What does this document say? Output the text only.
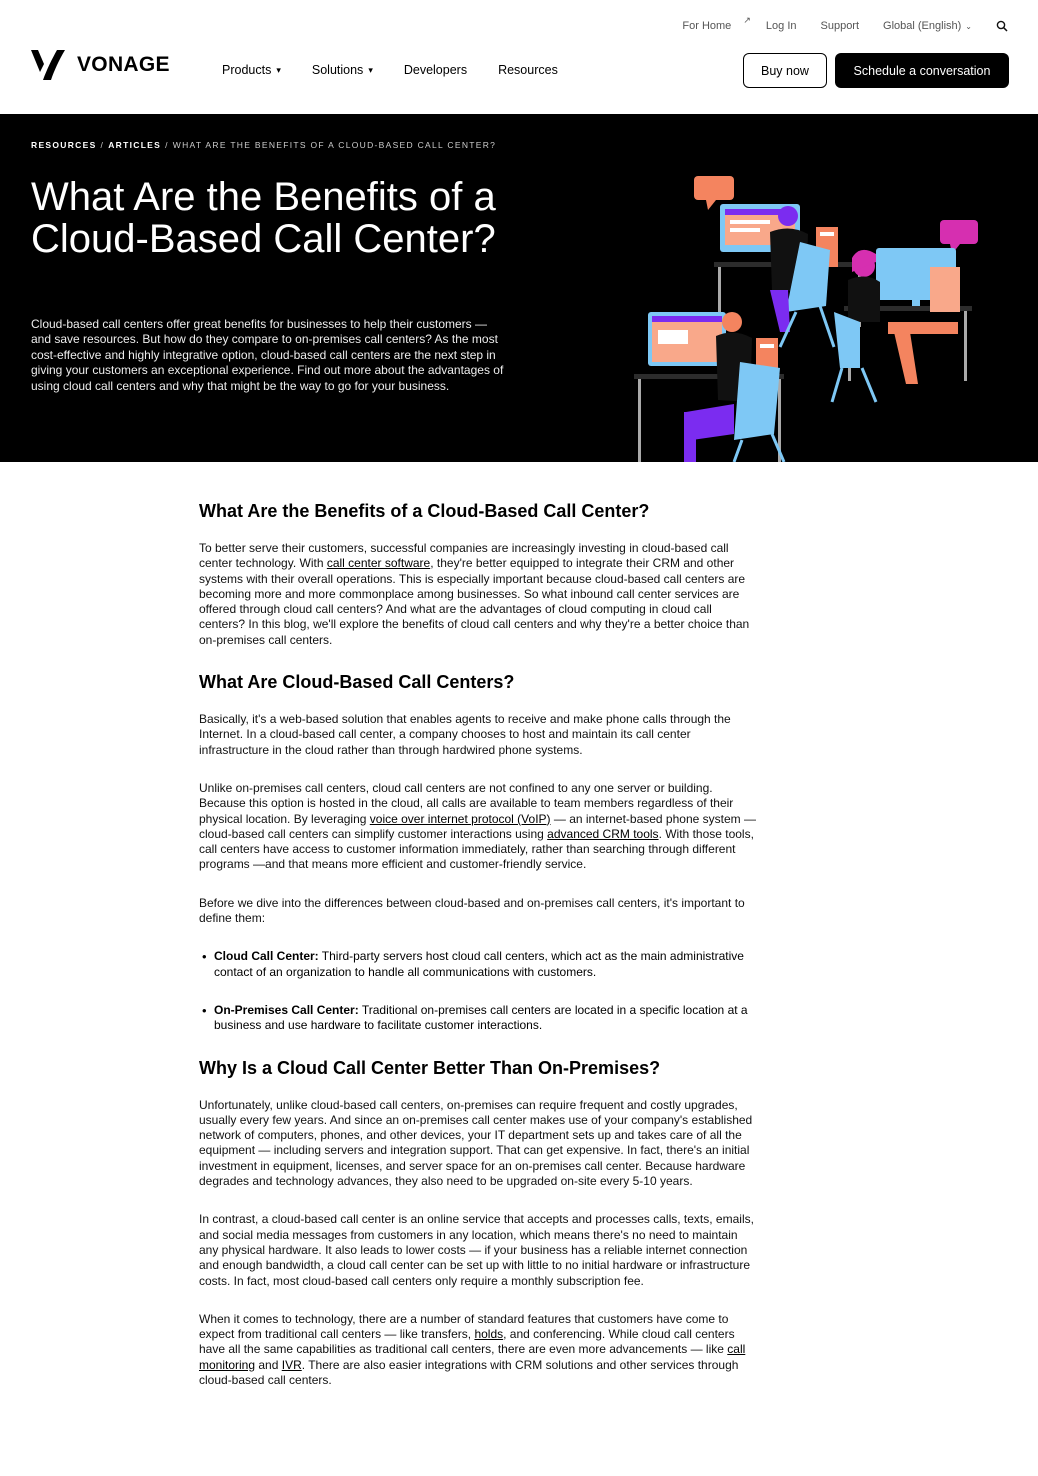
For Home ↗ Log In Support Global (English) ⌄
VONAGE	Products ▾ Solutions ▾ Developers Resources	Buy now	Schedule a conversation
RESOURCES / ARTICLES / WHAT ARE THE BENEFITS OF A CLOUD-BASED CALL CENTER?
What Are the Benefits of a Cloud-Based Call Center?

Cloud-based call centers offer great benefits for businesses to help their customers — and save resources. But how do they compare to on-premises call centers? As the most cost-effective and highly integrative option, cloud-based call centers are the next step in giving your customers an exceptional experience. Find out more about the advantages of using cloud call centers and why that might be the way to go for your business.

What Are the Benefits of a Cloud-Based Call Center?

To better serve their customers, successful companies are increasingly investing in cloud-based call center technology. With call center software, they're better equipped to integrate their CRM and other systems with their overall operations. This is especially important because cloud-based call centers are becoming more and more commonplace among businesses. So what inbound call center services are offered through cloud call centers? And what are the advantages of cloud computing in cloud call centers? In this blog, we'll explore the benefits of cloud call centers and why they're a better choice than on-premises call centers.

What Are Cloud-Based Call Centers?

Basically, it's a web-based solution that enables agents to receive and make phone calls through the Internet. In a cloud-based call center, a company chooses to host and maintain its call center infrastructure in the cloud rather than through hardwired phone systems.

Unlike on-premises call centers, cloud call centers are not confined to any one server or building. Because this option is hosted in the cloud, all calls are available to team members regardless of their physical location. By leveraging voice over internet protocol (VoIP) — an internet-based phone system — cloud-based call centers can simplify customer interactions using advanced CRM tools. With those tools, call centers have access to customer information immediately, rather than searching through different programs —and that means more efficient and customer-friendly service.

Before we dive into the differences between cloud-based and on-premises call centers, it's important to define them:

• Cloud Call Center: Third-party servers host cloud call centers, which act as the main administrative contact of an organization to handle all communications with customers.
• On-Premises Call Center: Traditional on-premises call centers are located in a specific location at a business and use hardware to facilitate customer interactions.
Why Is a Cloud Call Center Better Than On-Premises?

Unfortunately, unlike cloud-based call centers, on-premises can require frequent and costly upgrades, usually every few years. And since an on-premises call center makes use of your company's established network of computers, phones, and other devices, your IT department sets up and takes care of all the equipment — including servers and integration support. That can get expensive. In fact, there's an initial investment in equipment, licenses, and server space for an on-premises call center. Because hardware degrades and technology advances, they also need to be upgraded on-site every 5-10 years.

In contrast, a cloud-based call center is an online service that accepts and processes calls, texts, emails, and social media messages from customers in any location, which means there's no need to maintain any physical hardware. It also leads to lower costs — if your business has a reliable internet connection and enough bandwidth, a cloud call center can be set up with little to no initial hardware or infrastructure costs. In fact, most cloud-based call centers only require a monthly subscription fee.

When it comes to technology, there are a number of standard features that customers have come to expect from traditional call centers — like transfers, holds, and conferencing. While cloud call centers have all the same capabilities as traditional call centers, there are even more advancements — like call monitoring and IVR. There are also easier integrations with CRM solutions and other services through cloud-based call centers.
